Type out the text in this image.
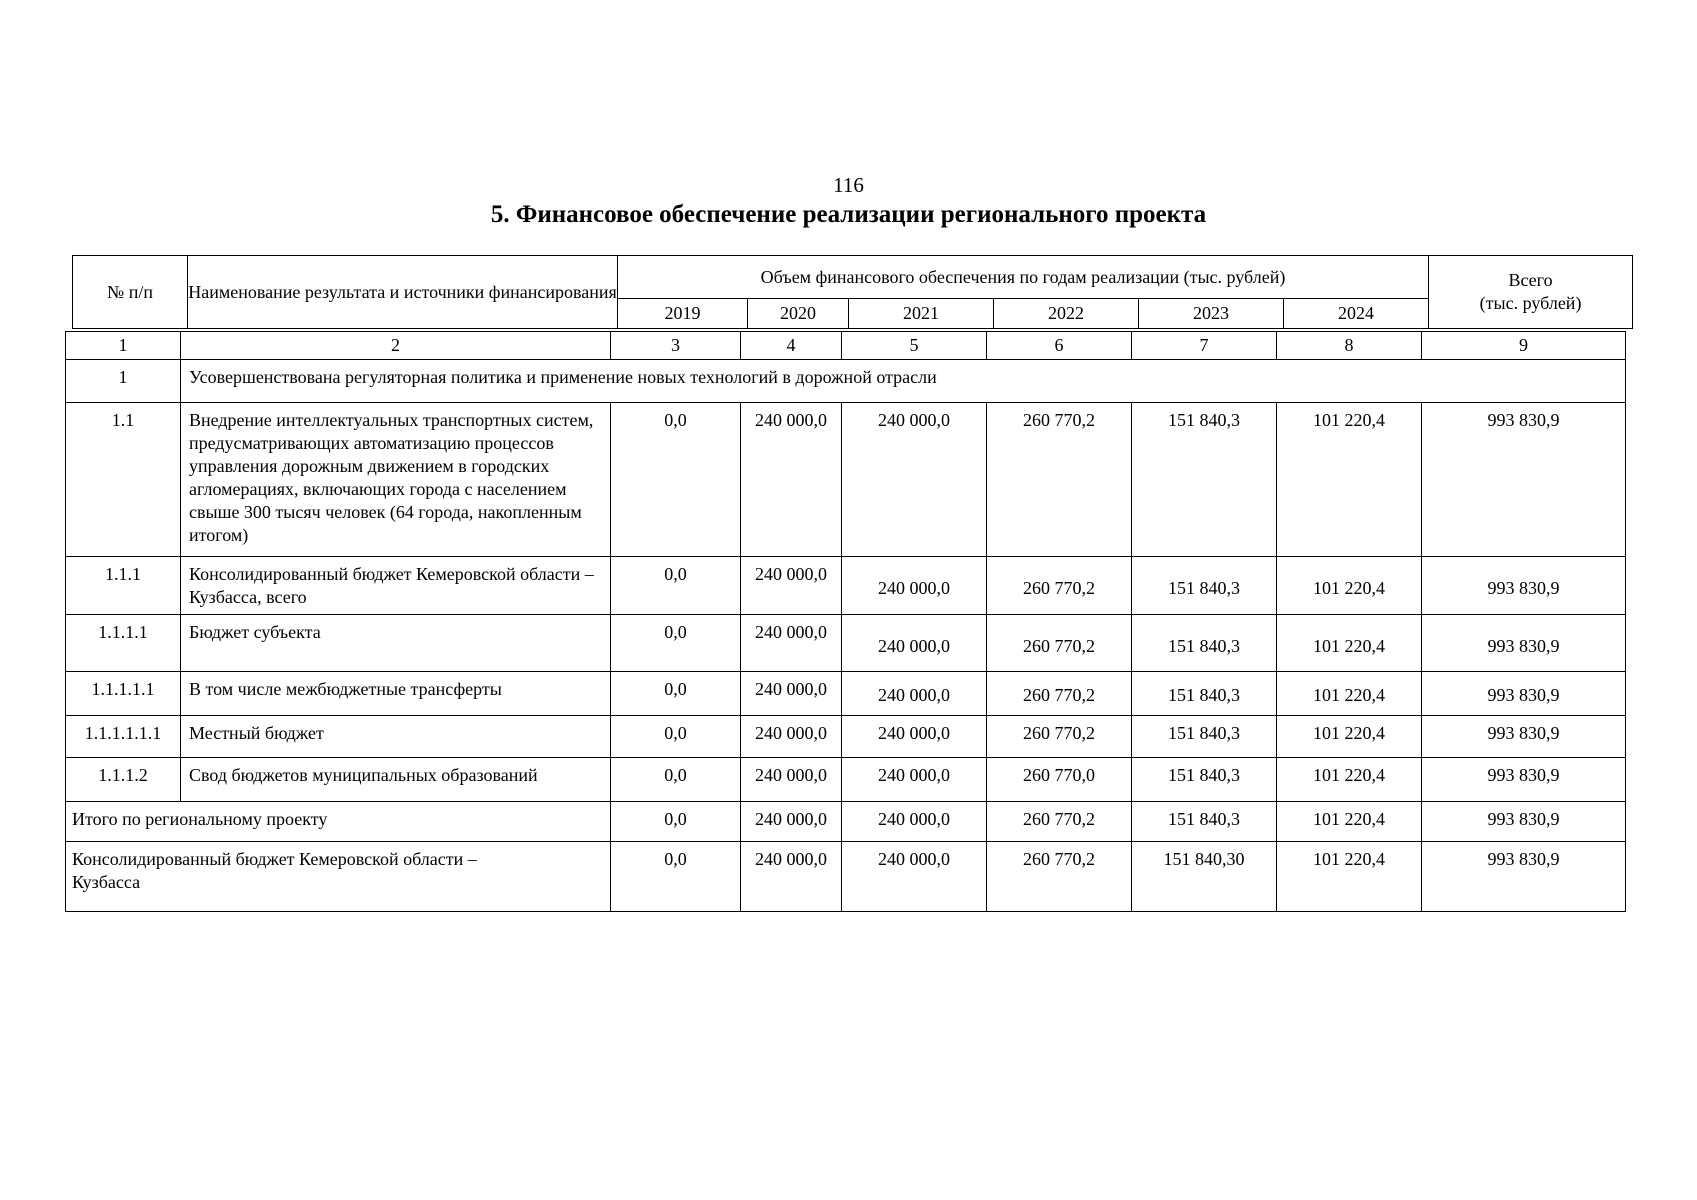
116
5. Финансовое обеспечение реализации регионального проекта
№ п/п	Наименование результата и источники финансирования	Объем финансового обеспечения по годам реализации (тыс. рублей)						Всего
(тыс. рублей)

		2019	2020	2021	2022	2023	2024	
1	2	3	4	5	6	7	8	9
1	Усовершенствована регуляторная политика и применение новых технологий в дорожной отрасли							
1.1	Внедрение интеллектуальных транспортных систем, предусматривающих автоматизацию процессов управления дорожным движением в городских агломерациях, включающих города с населением свыше 300 тысяч человек (64 города, накопленным итогом)	0,0	240 000,0	240 000,0	260 770,2	151 840,3	101 220,4	993 830,9
1.1.1	Консолидированный бюджет Кемеровской области – Кузбасса, всего	0,0	240 000,0	240 000,0	260 770,2	151 840,3	101 220,4	993 830,9
1.1.1.1	Бюджет субъекта	0,0	240 000,0	240 000,0	260 770,2	151 840,3	101 220,4	993 830,9
1.1.1.1.1	В том числе межбюджетные трансферты	0,0	240 000,0	240 000,0	260 770,2	151 840,3	101 220,4	993 830,9
1.1.1.1.1.1	Местный бюджет	0,0	240 000,0	240 000,0	260 770,2	151 840,3	101 220,4	993 830,9
1.1.1.2	Свод бюджетов муниципальных образований	0,0	240 000,0	240 000,0	260 770,0	151 840,3	101 220,4	993 830,9
Итого по региональному проекту		0,0	240 000,0	240 000,0	260 770,2	151 840,3	101 220,4	993 830,9
Консолидированный бюджет Кемеровской области – Кузбасса		0,0	240 000,0	240 000,0	260 770,2	151 840,30	101 220,4	993 830,9
